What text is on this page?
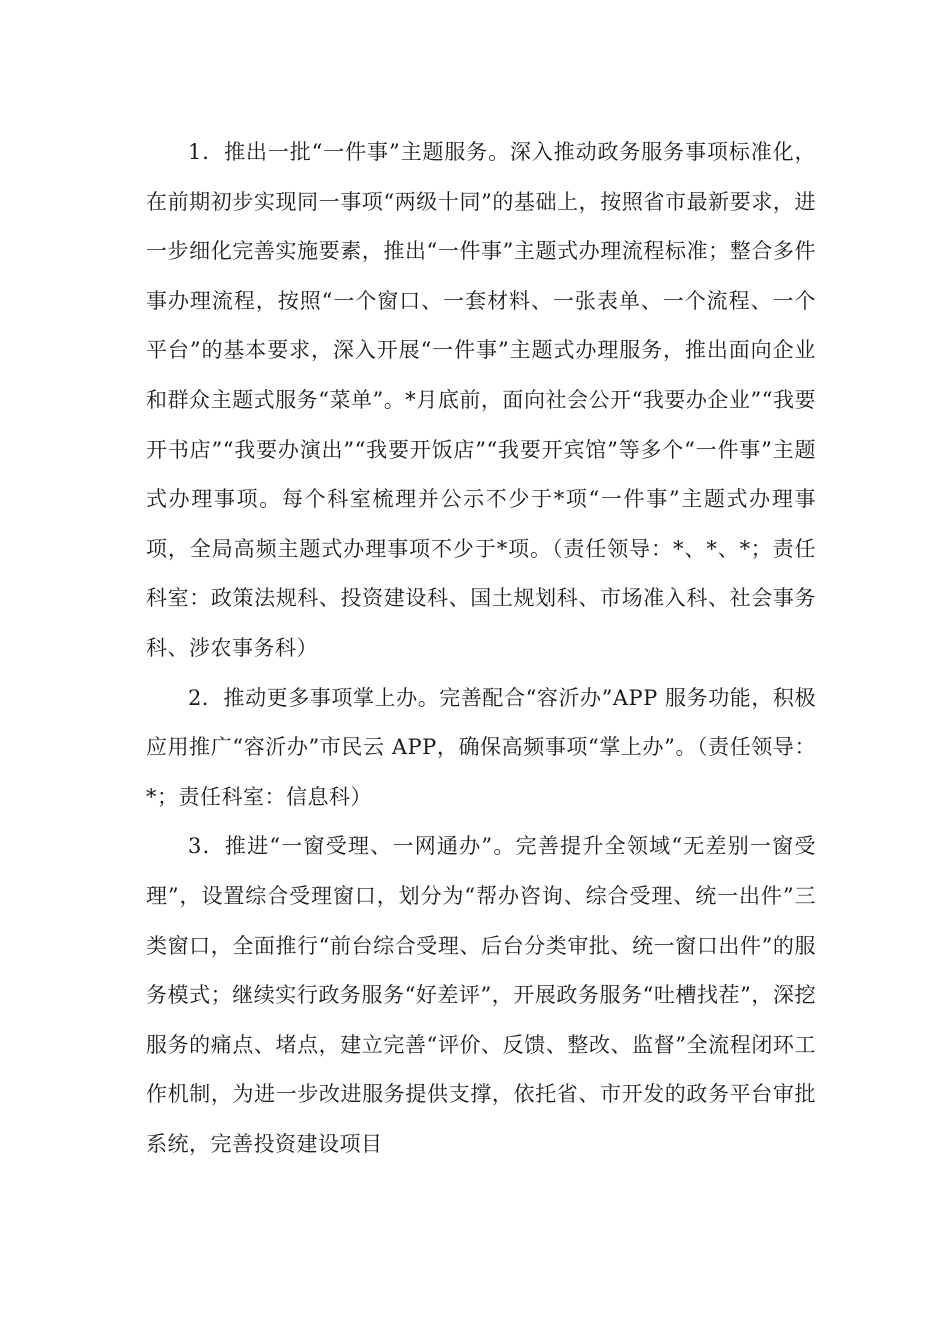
1．推出一批“一件事”主题服务。深入推动政务服务事项标准化，在前期初步实现同一事项“两级十同”的基础上，按照省市最新要求，进一步细化完善实施要素，推出“一件事”主题式办理流程标准；整合多件事办理流程，按照“一个窗口、一套材料、一张表单、一个流程、一个平台”的基本要求，深入开展“一件事”主题式办理服务，推出面向企业和群众主题式服务“菜单”。*月底前，面向社会公开“我要办企业”“我要开书店”“我要办演出”“我要开饭店”“我要开宾馆”等多个“一件事”主题式办理事项。每个科室梳理并公示不少于*项“一件事”主题式办理事项，全局高频主题式办理事项不少于*项。（责任领导：*、*、*；责任科室：政策法规科、投资建设科、国土规划科、市场准入科、社会事务科、涉农事务科）

2．推动更多事项掌上办。完善配合“容沂办”APP 服务功能，积极应用推广“容沂办”市民云 APP，确保高频事项“掌上办”。（责任领导：*；责任科室：信息科）

3．推进“一窗受理、一网通办”。完善提升全领域“无差别一窗受理”，设置综合受理窗口，划分为“帮办咨询、综合受理、统一出件”三类窗口，全面推行“前台综合受理、后台分类审批、统一窗口出件”的服务模式；继续实行政务服务“好差评”，开展政务服务“吐槽找茬”，深挖服务的痛点、堵点，建立完善“评价、反馈、整改、监督”全流程闭环工作机制，为进一步改进服务提供支撑，依托省、市开发的政务平台审批系统，完善投资建设项目
